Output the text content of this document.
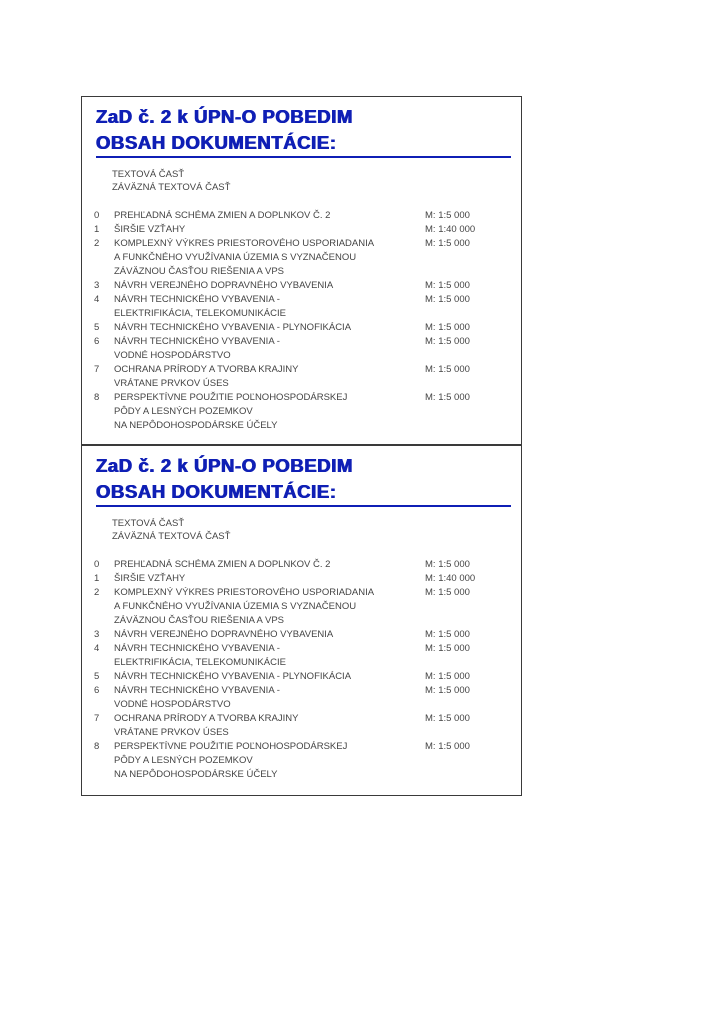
ZaD č. 2 k ÚPN-O POBEDIM
OBSAH DOKUMENTÁCIE:
TEXTOVÁ ČASŤ
ZÁVÄZNÁ TEXTOVÁ ČASŤ
0	PREHĽADNÁ SCHÉMA ZMIEN A DOPLNKOV Č. 2	M: 1:5 000
1	ŠIRŠIE VZŤAHY	M: 1:40 000
2	KOMPLEXNÝ VÝKRES PRIESTOROVÉHO USPORIADANIA	M: 1:5 000
A FUNKČNÉHO VYUŽÍVANIA ÚZEMIA S VYZNAČENOU
ZÁVÄZNOU ČASŤOU RIEŠENIA A VPS
3	NÁVRH VEREJNÉHO DOPRAVNÉHO VYBAVENIA	M: 1:5 000
4	NÁVRH TECHNICKÉHO VYBAVENIA -	M: 1:5 000
ELEKTRIFIKÁCIA, TELEKOMUNIKÁCIE
5	NÁVRH TECHNICKÉHO VYBAVENIA - PLYNOFIKÁCIA	M: 1:5 000
6	NÁVRH TECHNICKÉHO VYBAVENIA -	M: 1:5 000
VODNÉ HOSPODÁRSTVO
7	OCHRANA PRÍRODY A TVORBA KRAJINY	M: 1:5 000
VRÁTANE PRVKOV ÚSES
8	PERSPEKTÍVNE POUŽITIE POĽNOHOSPODÁRSKEJ	M: 1:5 000
PÔDY A LESNÝCH POZEMKOV
NA NEPÔDOHOSPODÁRSKE ÚČELY
ZaD č. 2 k ÚPN-O POBEDIM
OBSAH DOKUMENTÁCIE:
TEXTOVÁ ČASŤ
ZÁVÄZNÁ TEXTOVÁ ČASŤ
0	PREHĽADNÁ SCHÉMA ZMIEN A DOPLNKOV Č. 2	M: 1:5 000
1	ŠIRŠIE VZŤAHY	M: 1:40 000
2	KOMPLEXNÝ VÝKRES PRIESTOROVÉHO USPORIADANIA	M: 1:5 000
A FUNKČNÉHO VYUŽÍVANIA ÚZEMIA S VYZNAČENOU
ZÁVÄZNOU ČASŤOU RIEŠENIA A VPS
3	NÁVRH VEREJNÉHO DOPRAVNÉHO VYBAVENIA	M: 1:5 000
4	NÁVRH TECHNICKÉHO VYBAVENIA -	M: 1:5 000
ELEKTRIFIKÁCIA, TELEKOMUNIKÁCIE
5	NÁVRH TECHNICKÉHO VYBAVENIA - PLYNOFIKÁCIA	M: 1:5 000
6	NÁVRH TECHNICKÉHO VYBAVENIA -	M: 1:5 000
VODNÉ HOSPODÁRSTVO
7	OCHRANA PRÍRODY A TVORBA KRAJINY	M: 1:5 000
VRÁTANE PRVKOV ÚSES
8	PERSPEKTÍVNE POUŽITIE POĽNOHOSPODÁRSKEJ	M: 1:5 000
PÔDY A LESNÝCH POZEMKOV
NA NEPÔDOHOSPODÁRSKE ÚČELY
